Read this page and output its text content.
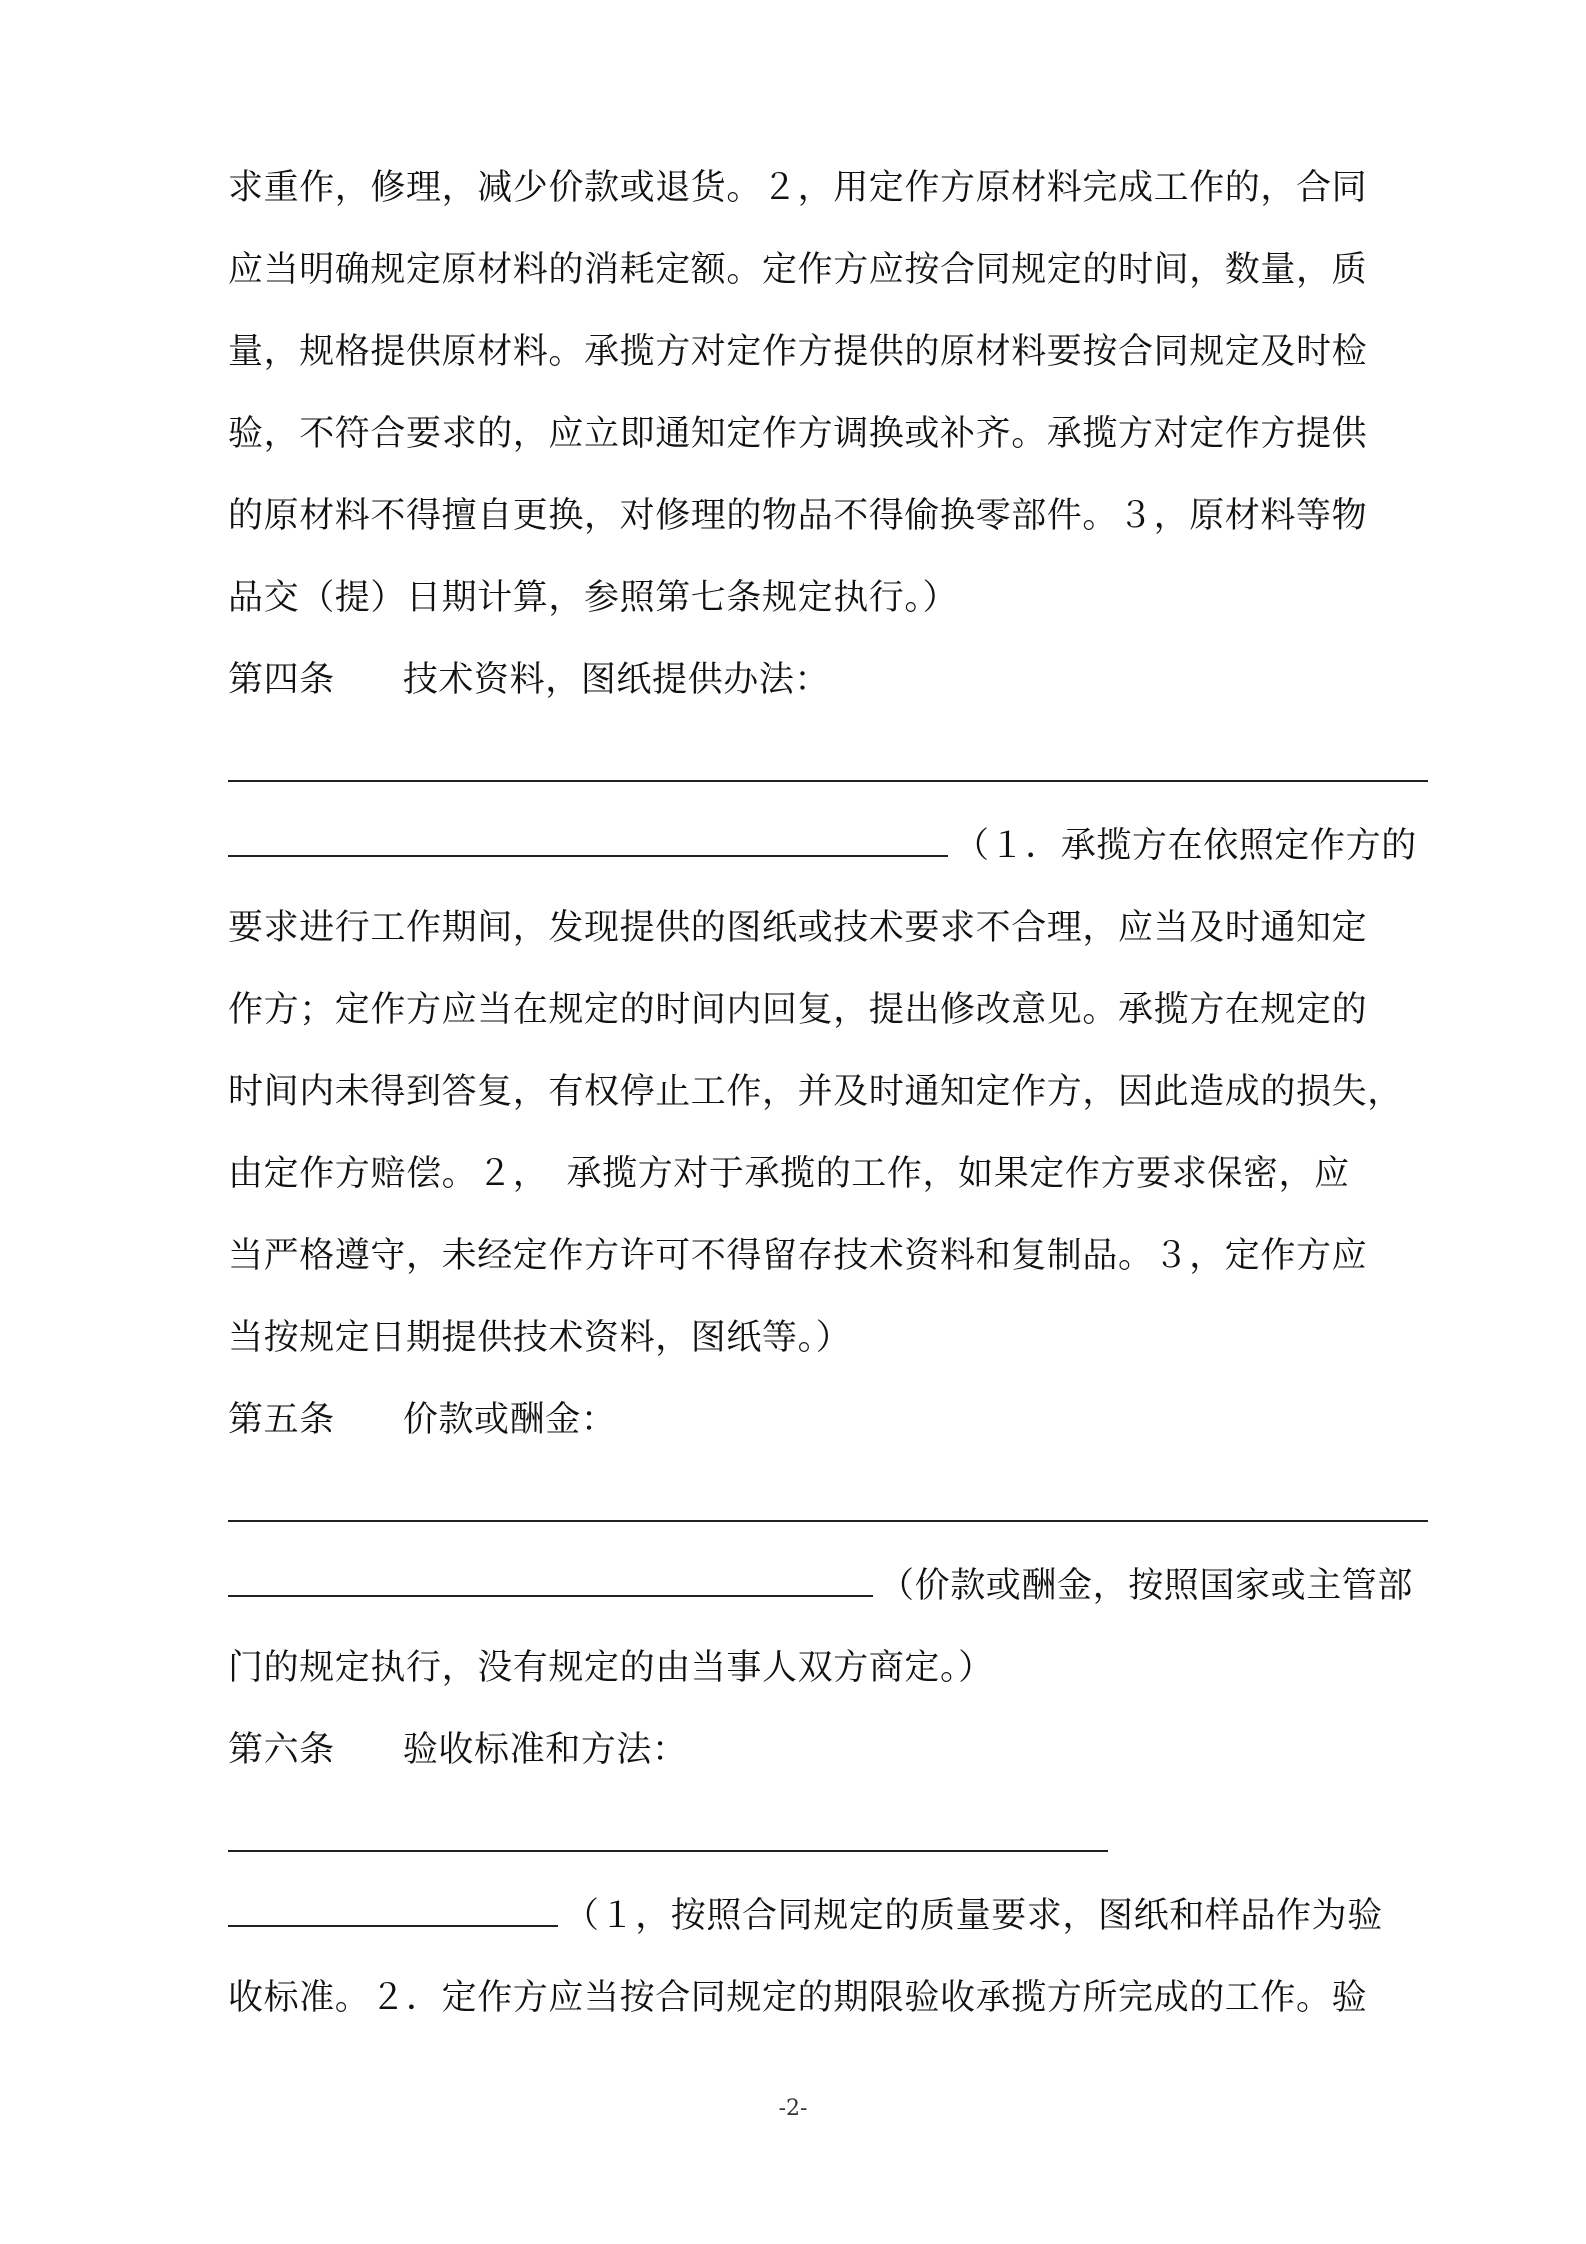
求重作，修理，减少价款或退货。２，用定作方原材料完成工作的，合同
应当明确规定原材料的消耗定额。定作方应按合同规定的时间，数量，质
量，规格提供原材料。承揽方对定作方提供的原材料要按合同规定及时检
验，不符合要求的，应立即通知定作方调换或补齐。承揽方对定作方提供
的原材料不得擅自更换，对修理的物品不得偷换零部件。３，原材料等物
品交（提）日期计算，参照第七条规定执行。）
第四条 技术资料，图纸提供办法：
（１．承揽方在依照定作方的
要求进行工作期间，发现提供的图纸或技术要求不合理，应当及时通知定
作方；定作方应当在规定的时间内回复，提出修改意见。承揽方在规定的
时间内未得到答复，有权停止工作，并及时通知定作方，因此造成的损失，
由定作方赔偿。２，　承揽方对于承揽的工作，如果定作方要求保密，应
当严格遵守，未经定作方许可不得留存技术资料和复制品。３，定作方应
当按规定日期提供技术资料，图纸等。）
第五条 价款或酬金：
（价款或酬金，按照国家或主管部
门的规定执行，没有规定的由当事人双方商定。）
第六条 验收标准和方法：
（１，按照合同规定的质量要求，图纸和样品作为验
收标准。２．定作方应当按合同规定的期限验收承揽方所完成的工作。验
-2-
